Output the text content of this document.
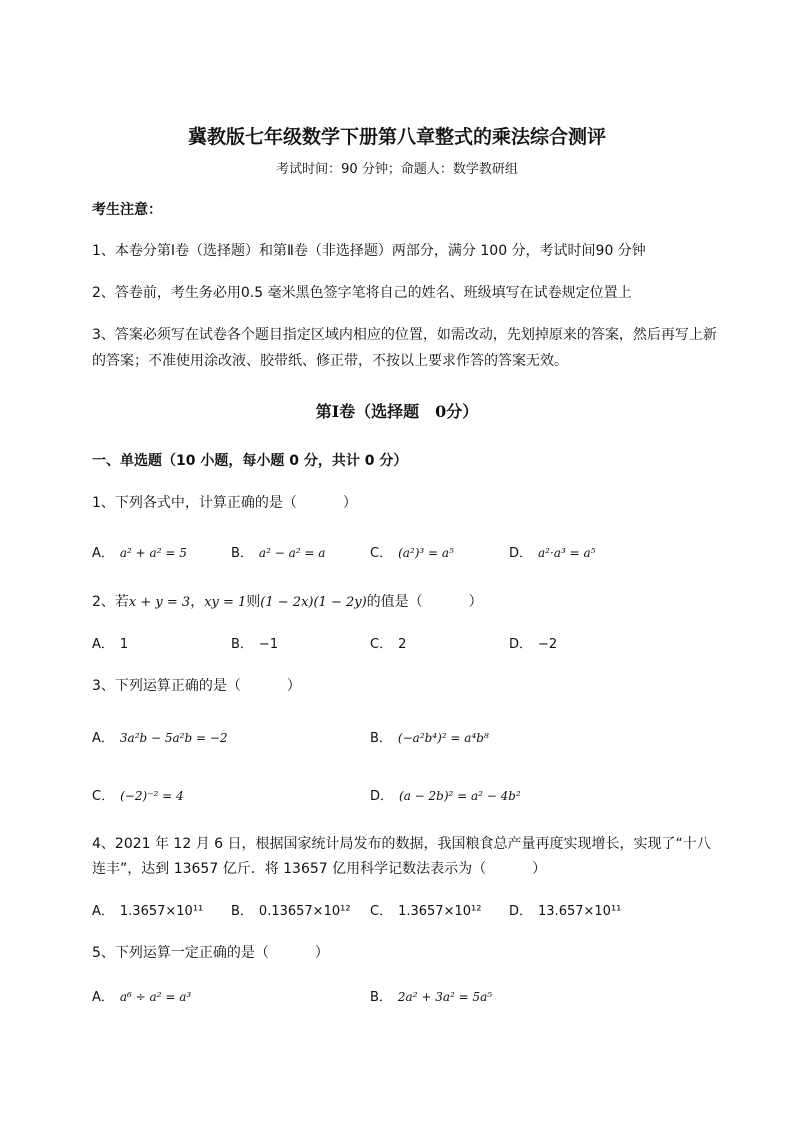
冀教版七年级数学下册第八章整式的乘法综合测评
考试时间：90 分钟；命题人：数学教研组
考生注意：
1、本卷分第Ⅰ卷（选择题）和第Ⅱ卷（非选择题）两部分，满分 100 分，考试时间90 分钟
2、答卷前，考生务必用0.5 毫米黑色签字笔将自己的姓名、班级填写在试卷规定位置上
3、答案必须写在试卷各个题目指定区域内相应的位置，如需改动，先划掉原来的答案，然后再写上新
的答案；不准使用涂改液、胶带纸、修正带，不按以上要求作答的答案无效。
第Ⅰ卷（选择题　0分）
一、单选题（10 小题，每小题 0 分，共计 0 分）
1、下列各式中，计算正确的是（	）
A． a² + a² = 5	B． a² − a² = a	C． (a²)³ = a⁵	D． a²·a³ = a⁵
2、若x + y = 3，xy = 1则(1 − 2x)(1 − 2y)的值是（	）
A． 1	B． −1	C． 2	D． −2
3、下列运算正确的是（	）
A． 3a²b − 5a²b = −2	B． (−a²b⁴)² = a⁴b⁸
C． (−2)⁻² = 4	D． (a − 2b)² = a² − 4b²
4、2021 年 12 月 6 日，根据国家统计局发布的数据，我国粮食总产量再度实现增长，实现了“十八
连丰”，达到 13657 亿斤．将 13657 亿用科学记数法表示为（	）
A． 1.3657×10¹¹ B． 0.13657×10¹² C． 1.3657×10¹² D． 13.657×10¹¹
5、下列运算一定正确的是（	）
A． a⁶ ÷ a² = a³	B． 2a² + 3a² = 5a⁵
